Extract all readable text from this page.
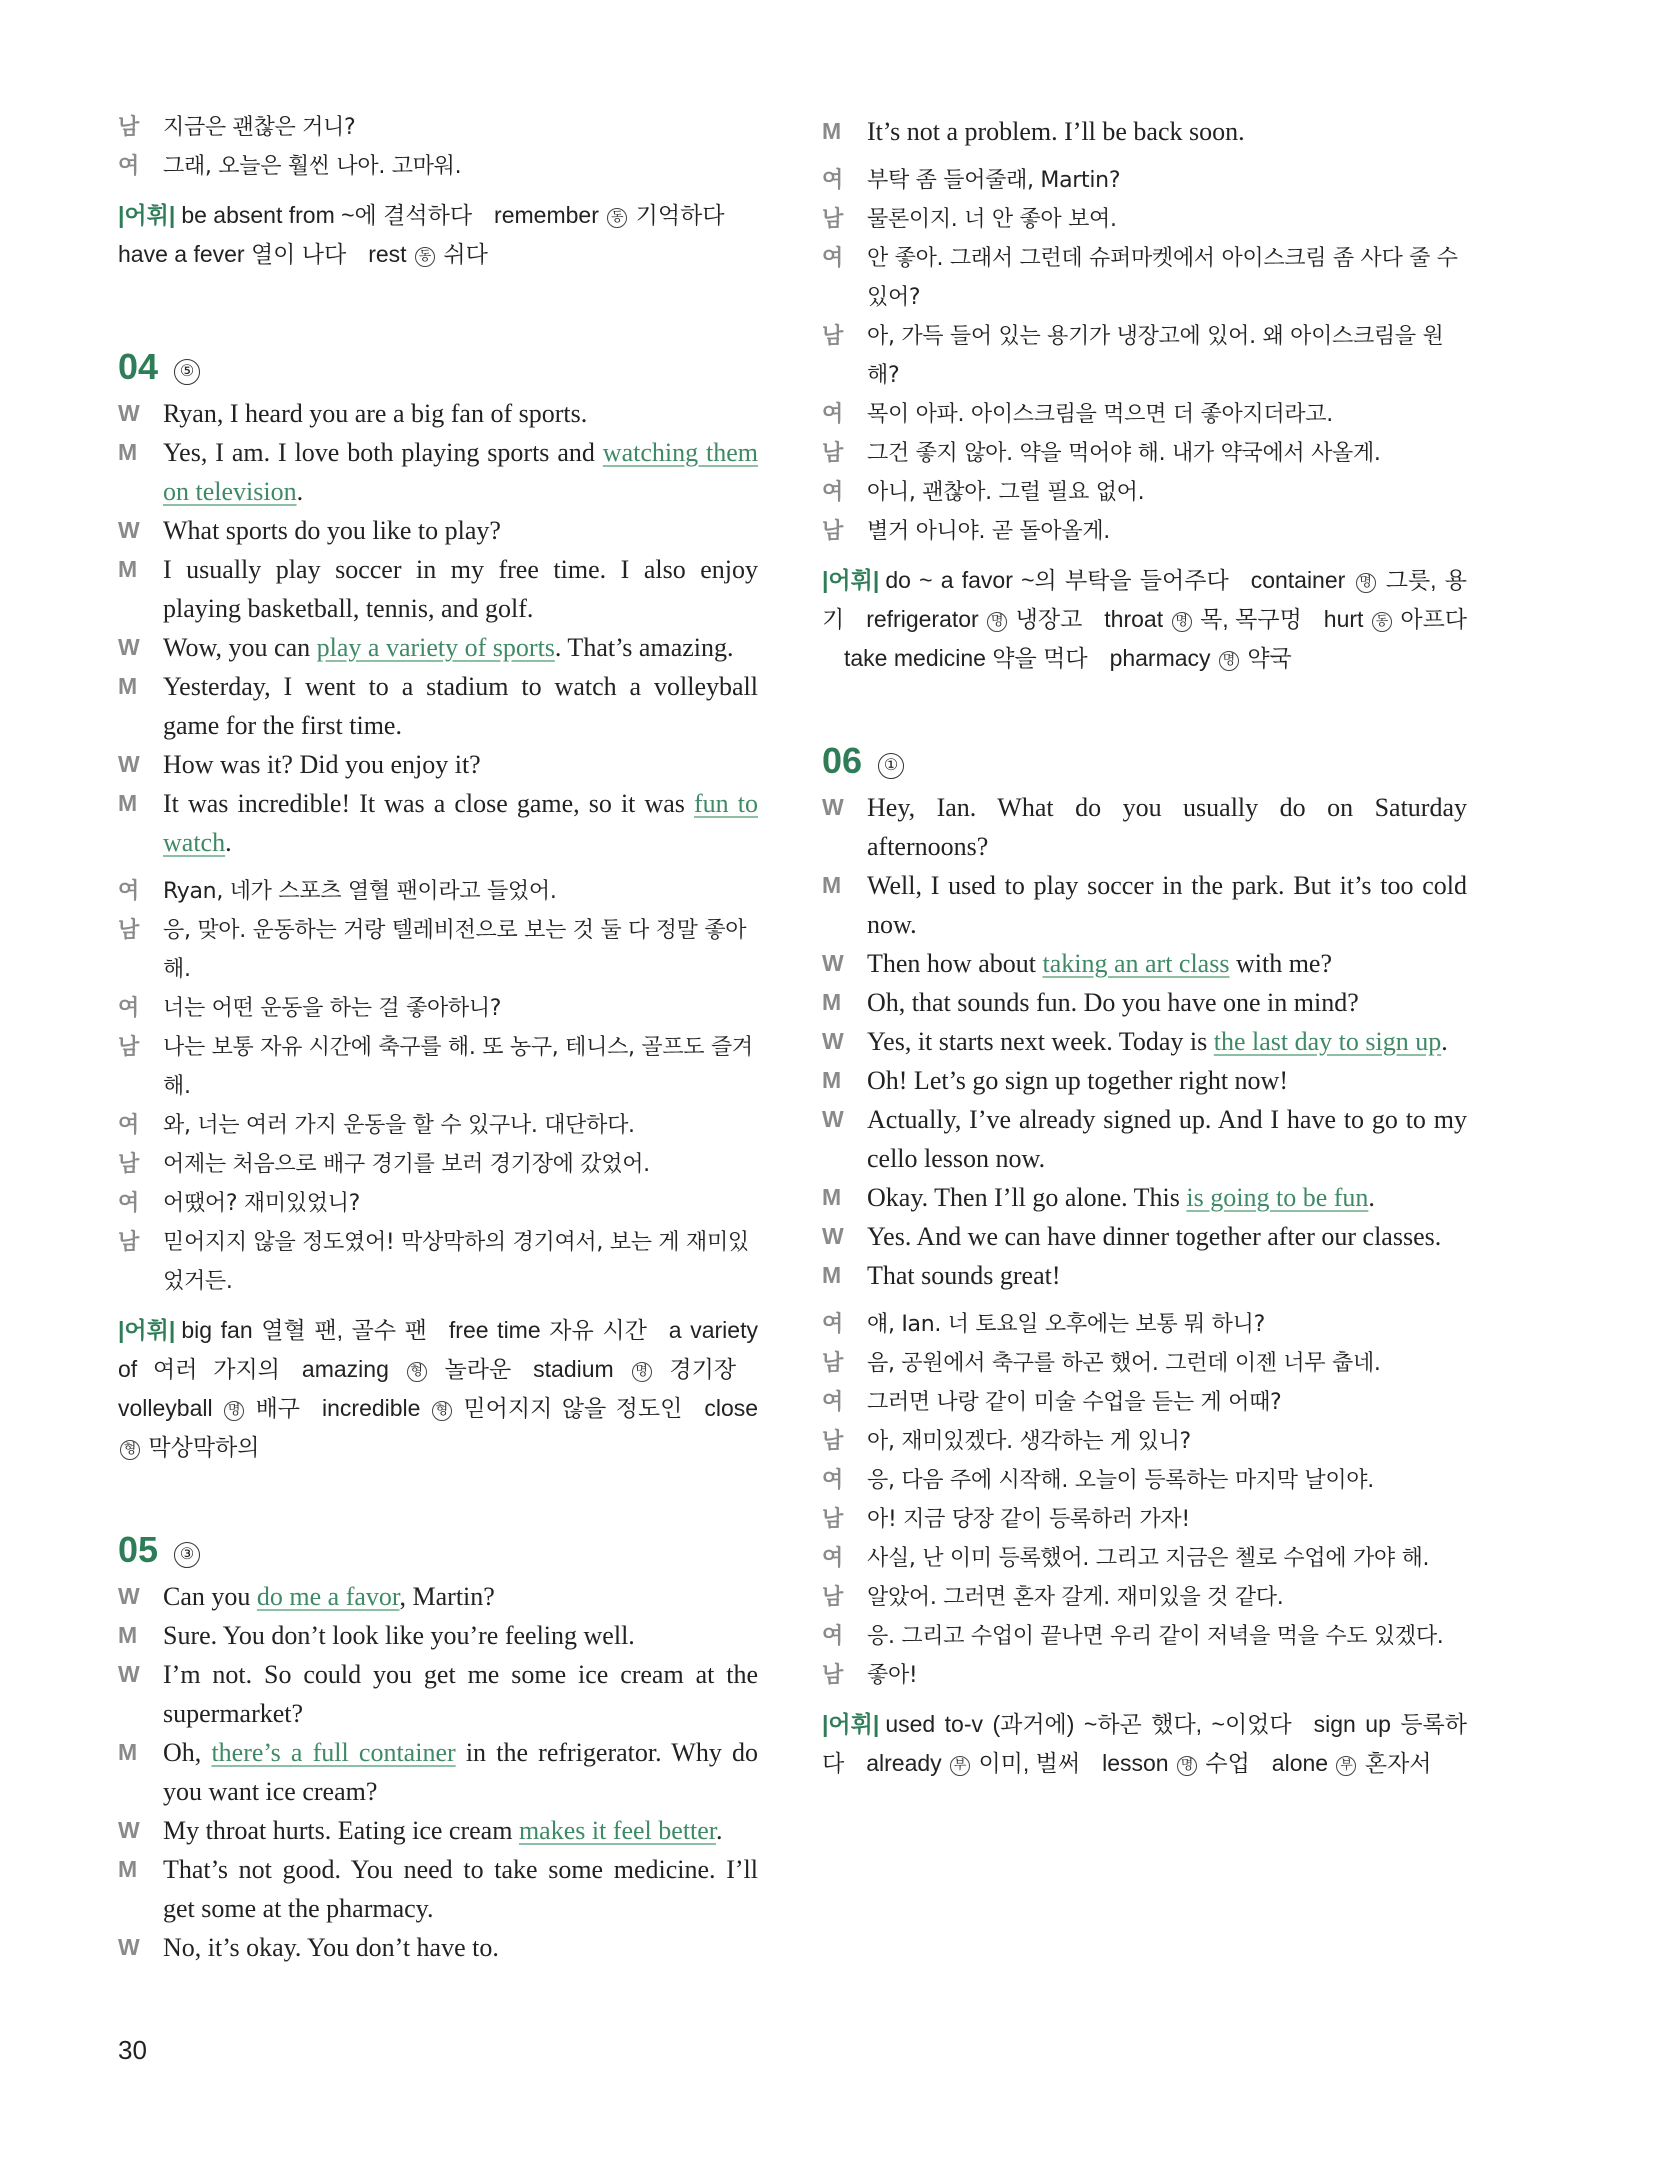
남	지금은 괜찮은 거니?
여	그래, 오늘은 훨씬 나아. 고마워.
|어휘| be absent from ~에 결석하다 remember 동 기억하다
have a fever 열이 나다 rest 동 쉬다
04	⑤
W Ryan, I heard you are a big fan of sports.
M Yes, I am. I love both playing sports and watching them on television.
W What sports do you like to play?
M I usually play soccer in my free time. I also enjoy playing basketball, tennis, and golf.
W Wow, you can play a variety of sports. That’s amazing.
M Yesterday, I went to a stadium to watch a volleyball game for the first time.
W How was it? Did you enjoy it?
M It was incredible! It was a close game, so it was fun to watch.
여	Ryan, 네가 스포츠 열혈 팬이라고 들었어.
남	응, 맞아. 운동하는 거랑 텔레비전으로 보는 것 둘 다 정말 좋아해.
여	너는 어떤 운동을 하는 걸 좋아하니?
남	나는 보통 자유 시간에 축구를 해. 또 농구, 테니스, 골프도 즐겨해.
여	와, 너는 여러 가지 운동을 할 수 있구나. 대단하다.
남	어제는 처음으로 배구 경기를 보러 경기장에 갔었어.
여	어땠어? 재미있었니?
남	믿어지지 않을 정도였어! 막상막하의 경기여서, 보는 게 재미있었거든.
|어휘| big fan 열혈 팬, 골수 팬 free time 자유 시간 a variety of 여러 가지의 amazing 형 놀라운 stadium 명 경기장volleyball 명 배구 incredible 형 믿어지지 않을 정도인 close 형 막상막하의
05	③
W Can you do me a favor, Martin?
M Sure. You don’t look like you’re feeling well.
W I’m not. So could you get me some ice cream at the supermarket?
M Oh, there’s a full container in the refrigerator. Why do you want ice cream?
W My throat hurts. Eating ice cream makes it feel better.
M That’s not good. You need to take some medicine. I’ll get some at the pharmacy.
W No, it’s okay. You don’t have to.
M It’s not a problem. I’ll be back soon.
여	부탁 좀 들어줄래, Martin?
남	물론이지. 너 안 좋아 보여.
여	안 좋아. 그래서 그런데 슈퍼마켓에서 아이스크림 좀 사다 줄 수 있어?
남	아, 가득 들어 있는 용기가 냉장고에 있어. 왜 아이스크림을 원해?
여	목이 아파. 아이스크림을 먹으면 더 좋아지더라고.
남	그건 좋지 않아. 약을 먹어야 해. 내가 약국에서 사올게.
여	아니, 괜찮아. 그럴 필요 없어.
남	별거 아니야. 곧 돌아올게.
|어휘| do ~ a favor ~의 부탁을 들어주다 container 명 그릇, 용기 refrigerator 명 냉장고 throat 명 목, 목구멍 hurt 동 아프다take medicine 약을 먹다 pharmacy 명 약국
06	①
W Hey, Ian. What do you usually do on Saturday afternoons?
M Well, I used to play soccer in the park. But it’s too cold now.
W Then how about taking an art class with me?
M Oh, that sounds fun. Do you have one in mind?
W Yes, it starts next week. Today is the last day to sign up.
M Oh! Let’s go sign up together right now!
W Actually, I’ve already signed up. And I have to go to my cello lesson now.
M Okay. Then I’ll go alone. This is going to be fun.
W Yes. And we can have dinner together after our classes.
M That sounds great!
여	얘, Ian. 너 토요일 오후에는 보통 뭐 하니?
남	음, 공원에서 축구를 하곤 했어. 그런데 이젠 너무 춥네.
여	그러면 나랑 같이 미술 수업을 듣는 게 어때?
남	아, 재미있겠다. 생각하는 게 있니?
여	응, 다음 주에 시작해. 오늘이 등록하는 마지막 날이야.
남	아! 지금 당장 같이 등록하러 가자!
여	사실, 난 이미 등록했어. 그리고 지금은 첼로 수업에 가야 해.
남	알았어. 그러면 혼자 갈게. 재미있을 것 같다.
여	응. 그리고 수업이 끝나면 우리 같이 저녁을 먹을 수도 있겠다.
남	좋아!
|어휘| used to-v (과거에) ~하곤 했다, ~이었다 sign up 등록하다 already 부 이미, 벌써 lesson 명 수업 alone 부 혼자서
30
